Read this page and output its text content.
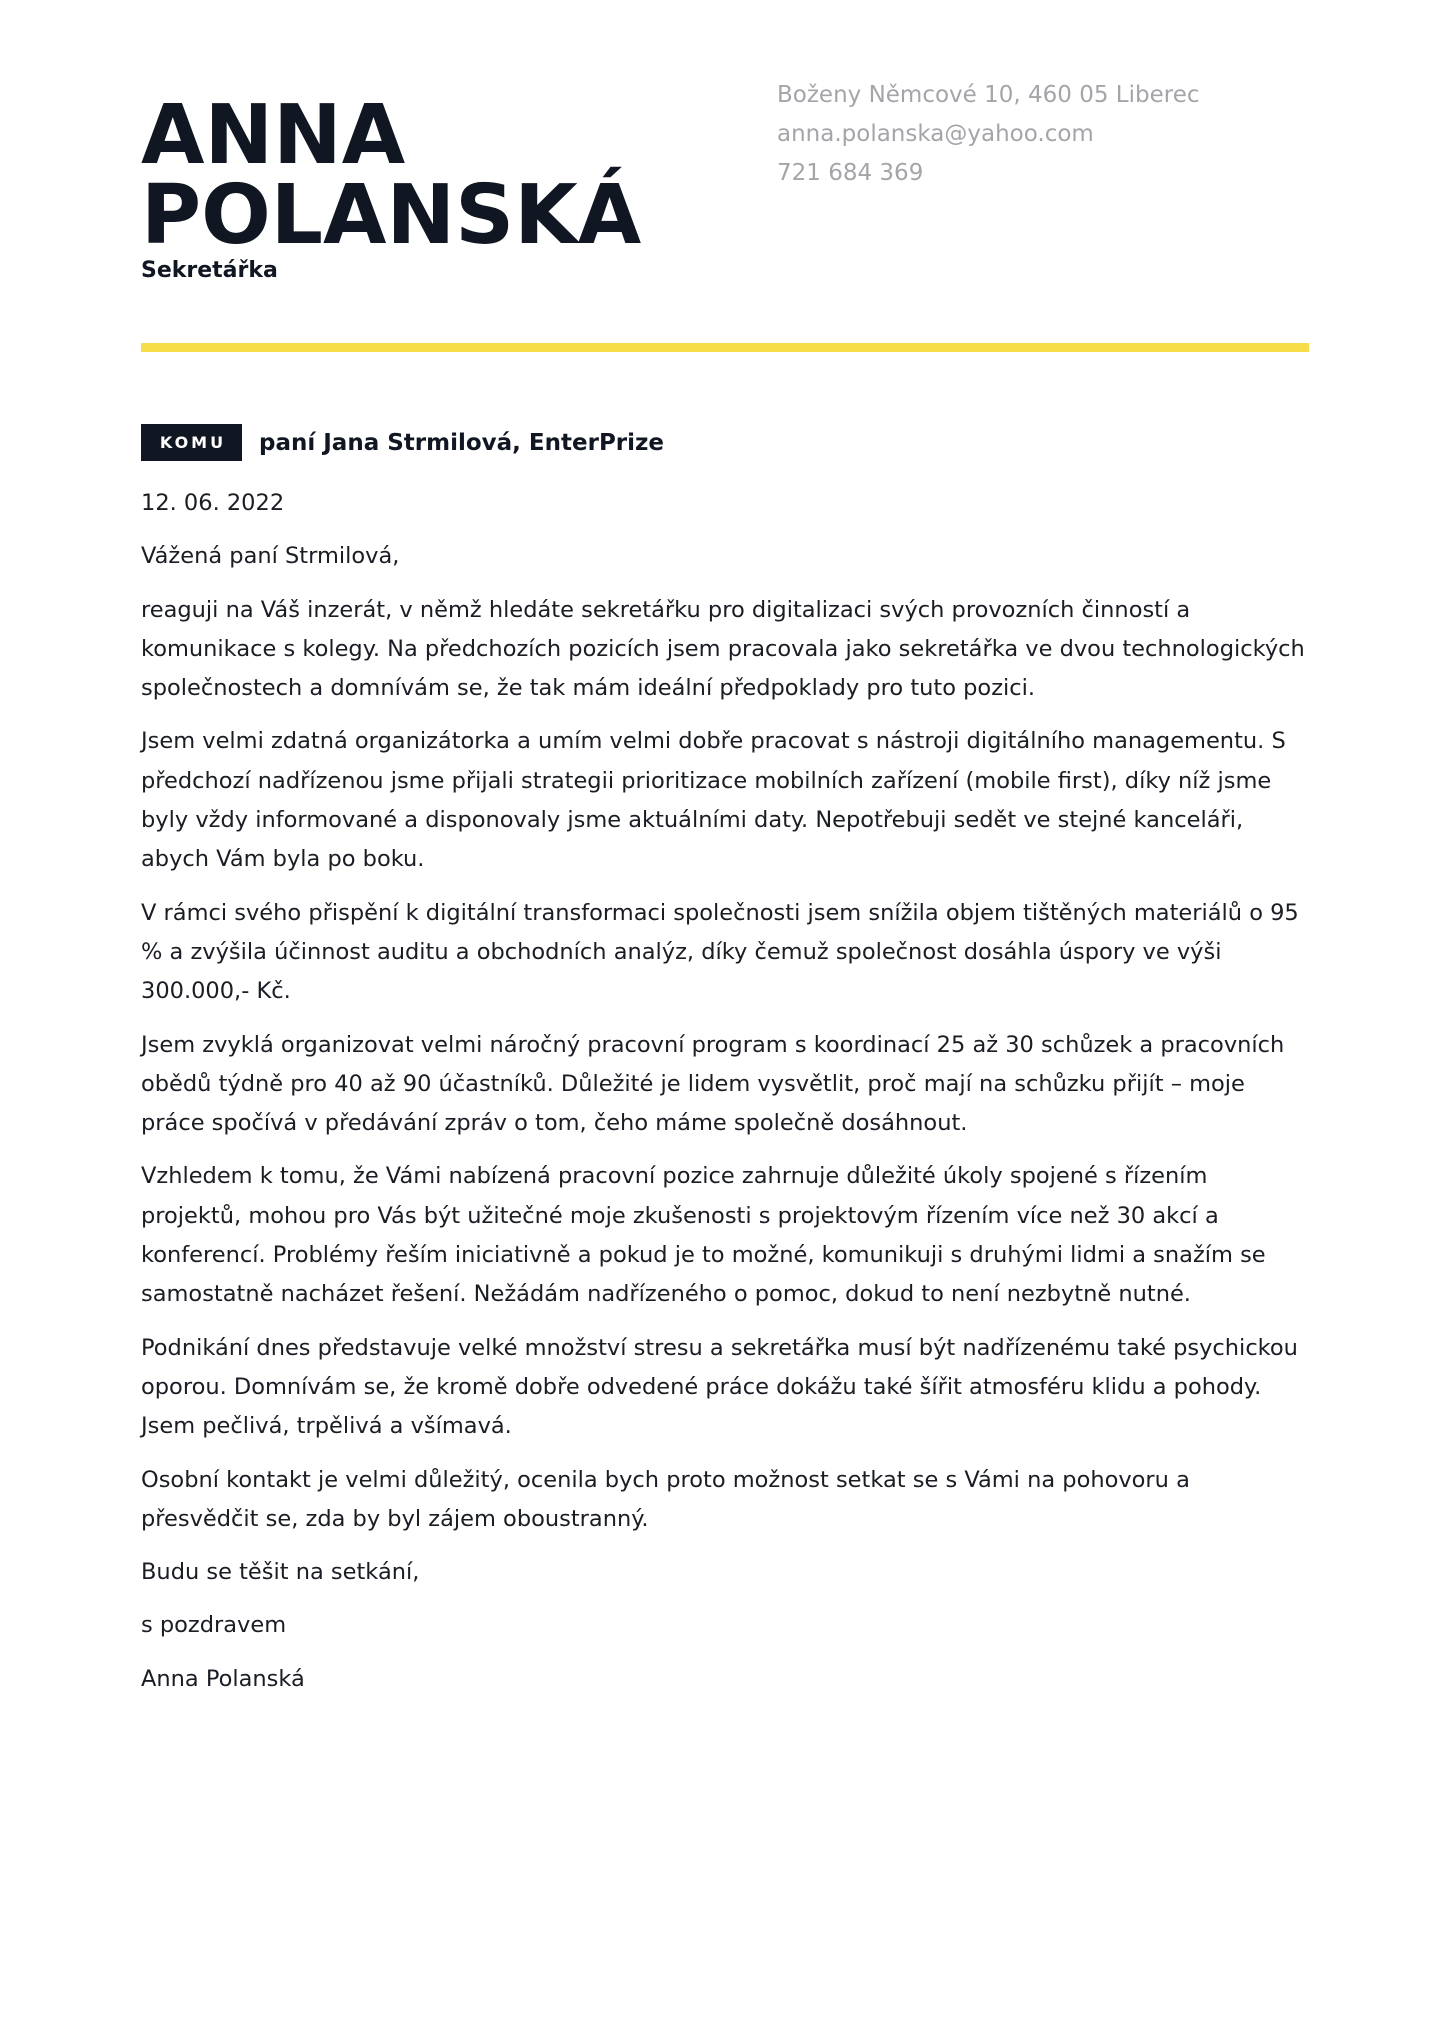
ANNA
POLANSKÁ
Sekretářka
Boženy Němcové 10, 460 05 Liberec
anna.polanska@yahoo.com
721 684 369
KOMU	paní Jana Strmilová, EnterPrize

12. 06. 2022

Vážená paní Strmilová,

reaguji na Váš inzerát, v němž hledáte sekretářku pro digitalizaci svých provozních činností a komunikace s kolegy. Na předchozích pozicích jsem pracovala jako sekretářka ve dvou technologických společnostech a domnívám se, že tak mám ideální předpoklady pro tuto pozici.

Jsem velmi zdatná organizátorka a umím velmi dobře pracovat s nástroji digitálního managementu. S předchozí nadřízenou jsme přijali strategii prioritizace mobilních zařízení (mobile first), díky níž jsme byly vždy informované a disponovaly jsme aktuálními daty. Nepotřebuji sedět ve stejné kanceláři, abych Vám byla po boku.

V rámci svého přispění k digitální transformaci společnosti jsem snížila objem tištěných materiálů o 95 % a zvýšila účinnost auditu a obchodních analýz, díky čemuž společnost dosáhla úspory ve výši 300.000,- Kč.

Jsem zvyklá organizovat velmi náročný pracovní program s koordinací 25 až 30 schůzek a pracovních obědů týdně pro 40 až 90 účastníků. Důležité je lidem vysvětlit, proč mají na schůzku přijít – moje práce spočívá v předávání zpráv o tom, čeho máme společně dosáhnout.

Vzhledem k tomu, že Vámi nabízená pracovní pozice zahrnuje důležité úkoly spojené s řízením projektů, mohou pro Vás být užitečné moje zkušenosti s projektovým řízením více než 30 akcí a konferencí. Problémy řeším iniciativně a pokud je to možné, komunikuji s druhými lidmi a snažím se samostatně nacházet řešení. Nežádám nadřízeného o pomoc, dokud to není nezbytně nutné.

Podnikání dnes představuje velké množství stresu a sekretářka musí být nadřízenému také psychickou oporou. Domnívám se, že kromě dobře odvedené práce dokážu také šířit atmosféru klidu a pohody. Jsem pečlivá, trpělivá a všímavá.

Osobní kontakt je velmi důležitý, ocenila bych proto možnost setkat se s Vámi na pohovoru a přesvědčit se, zda by byl zájem oboustranný.

Budu se těšit na setkání,

s pozdravem

Anna Polanská
